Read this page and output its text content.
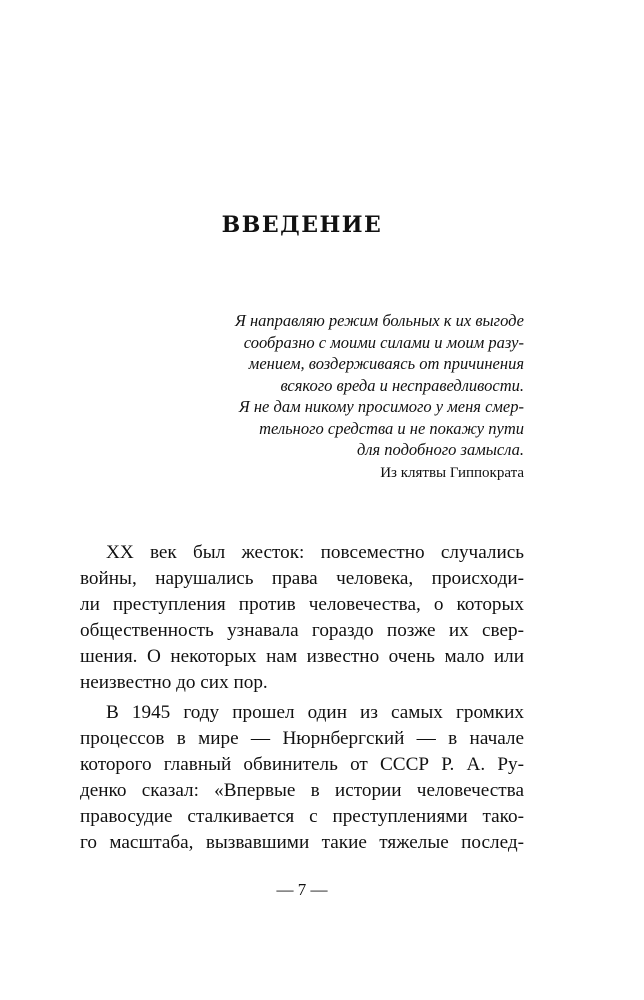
ВВЕДЕНИЕ
Я направляю режим больных к их выгоде
сообразно с моими силами и моим разу-
мением, воздерживаясь от причинения
всякого вреда и несправедливости.
Я не дам никому просимого у меня смер-
тельного средства и не покажу пути
для подобного замысла.
Из клятвы Гиппократа
XX век был жесток: повсеместно случались
войны, нарушались права человека, происходи-
ли преступления против человечества, о которых
общественность узнавала гораздо позже их свер-
шения. О некоторых нам известно очень мало или
неизвестно до сих пор.
В 1945 году прошел один из самых громких
процессов в мире — Нюрнбергский — в начале
которого главный обвинитель от СССР Р. А. Ру-
денко сказал: «Впервые в истории человечества
правосудие сталкивается с преступлениями тако-
го масштаба, вызвавшими такие тяжелые послед-
— 7 —
